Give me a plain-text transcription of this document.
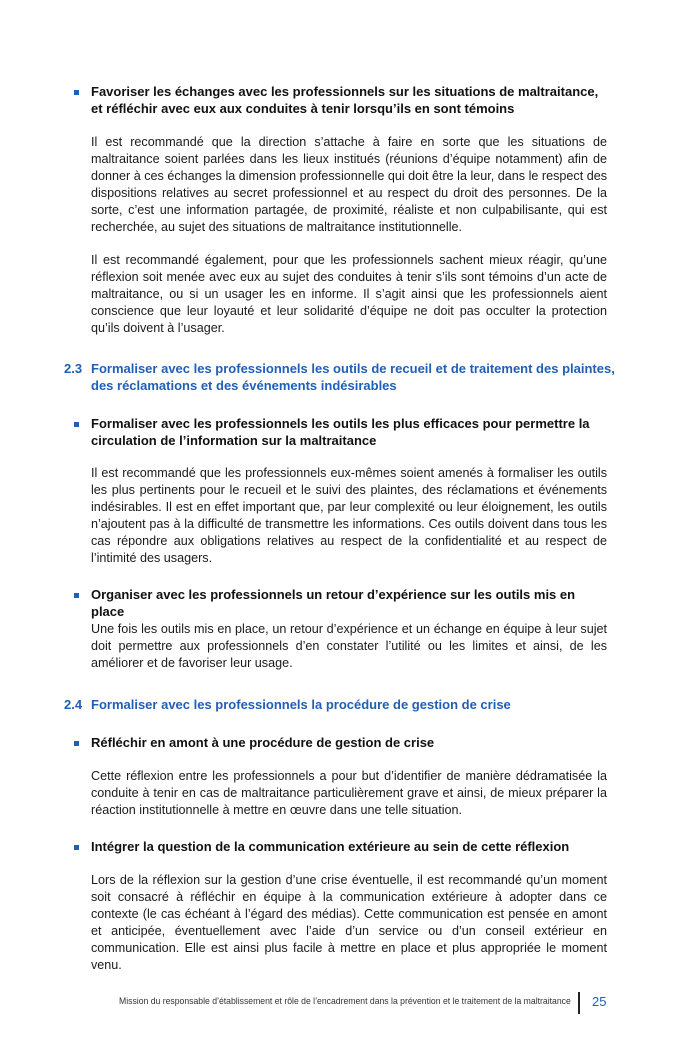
Favoriser les échanges avec les professionnels sur les situations de maltraitance, et réfléchir avec eux aux conduites à tenir lorsqu’ils en sont témoins
Il est recommandé que la direction s’attache à faire en sorte que les situations de maltraitance soient parlées dans les lieux institués (réunions d’équipe notamment) afin de donner à ces échanges la dimension professionnelle qui doit être la leur, dans le respect des dispositions relatives au secret professionnel et au respect du droit des personnes. De la sorte, c’est une information partagée, de proximité, réaliste et non culpabilisante, qui est recherchée, au sujet des situations de maltraitance institutionnelle.
Il est recommandé également, pour que les professionnels sachent mieux réagir, qu’une réflexion soit menée avec eux au sujet des conduites à tenir s’ils sont témoins d’un acte de maltraitance, ou si un usager les en informe. Il s’agit ainsi que les professionnels aient conscience que leur loyauté et leur solidarité d’équipe ne doit pas occulter la protection qu’ils doivent à l’usager.
2.3 Formaliser avec les professionnels les outils de recueil et de traitement des plaintes, des réclamations et des événements indésirables
Formaliser avec les professionnels les outils les plus efficaces pour permettre la circulation de l’information sur la maltraitance
Il est recommandé que les professionnels eux-mêmes soient amenés à formaliser les outils les plus pertinents pour le recueil et le suivi des plaintes, des réclamations et événements indésirables. Il est en effet important que, par leur complexité ou leur éloignement, les outils n’ajoutent pas à la difficulté de transmettre les informations. Ces outils doivent dans tous les cas répondre aux obligations relatives au respect de la confidentialité et au respect de l’intimité des usagers.
Organiser avec les professionnels un retour d’expérience sur les outils mis en place
Une fois les outils mis en place, un retour d’expérience et un échange en équipe à leur sujet doit permettre aux professionnels d’en constater l’utilité ou les limites et ainsi, de les améliorer et de favoriser leur usage.
2.4 Formaliser avec les professionnels la procédure de gestion de crise
Réfléchir en amont à une procédure de gestion de crise
Cette réflexion entre les professionnels a pour but d’identifier de manière dédramatisée la conduite à tenir en cas de maltraitance particulièrement grave et ainsi, de mieux préparer la réaction institutionnelle à mettre en œuvre dans une telle situation.
Intégrer la question de la communication extérieure au sein de cette réflexion
Lors de la réflexion sur la gestion d’une crise éventuelle, il est recommandé qu’un moment soit consacré à réfléchir en équipe à la communication extérieure à adopter dans ce contexte (le cas échéant à l’égard des médias). Cette communication est pensée en amont et anticipée, éventuellement avec l’aide d’un service ou d’un conseil extérieur en communication. Elle est ainsi plus facile à mettre en place et plus appropriée le moment venu.
Mission du responsable d’établissement et rôle de l’encadrement dans la prévention et le traitement de la maltraitance 25
